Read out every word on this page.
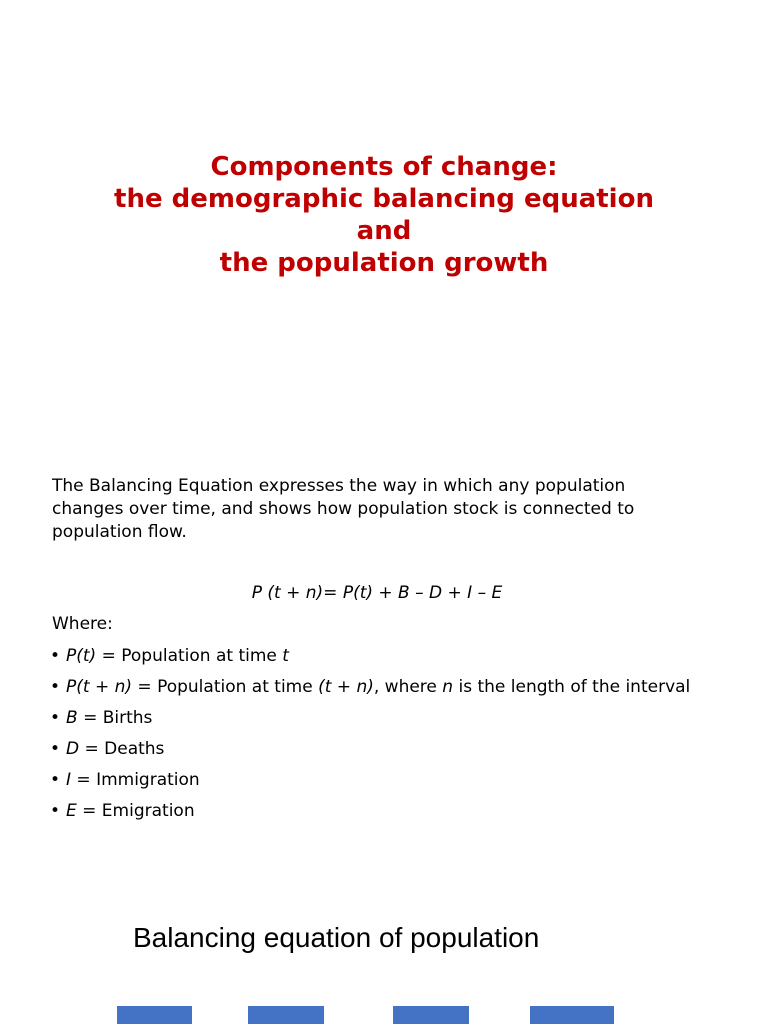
Components of change:
the demographic balancing equation
and
the population growth
The Balancing Equation expresses the way in which any population changes over time, and shows how population stock is connected to population flow.
P (t + n)= P(t) + B – D + I – E
Where:
• P(t) = Population at time t
• P(t + n) = Population at time (t + n), where n is the length of the interval
• B = Births
• D = Deaths
• I = Immigration
• E = Emigration
Balancing equation of population
